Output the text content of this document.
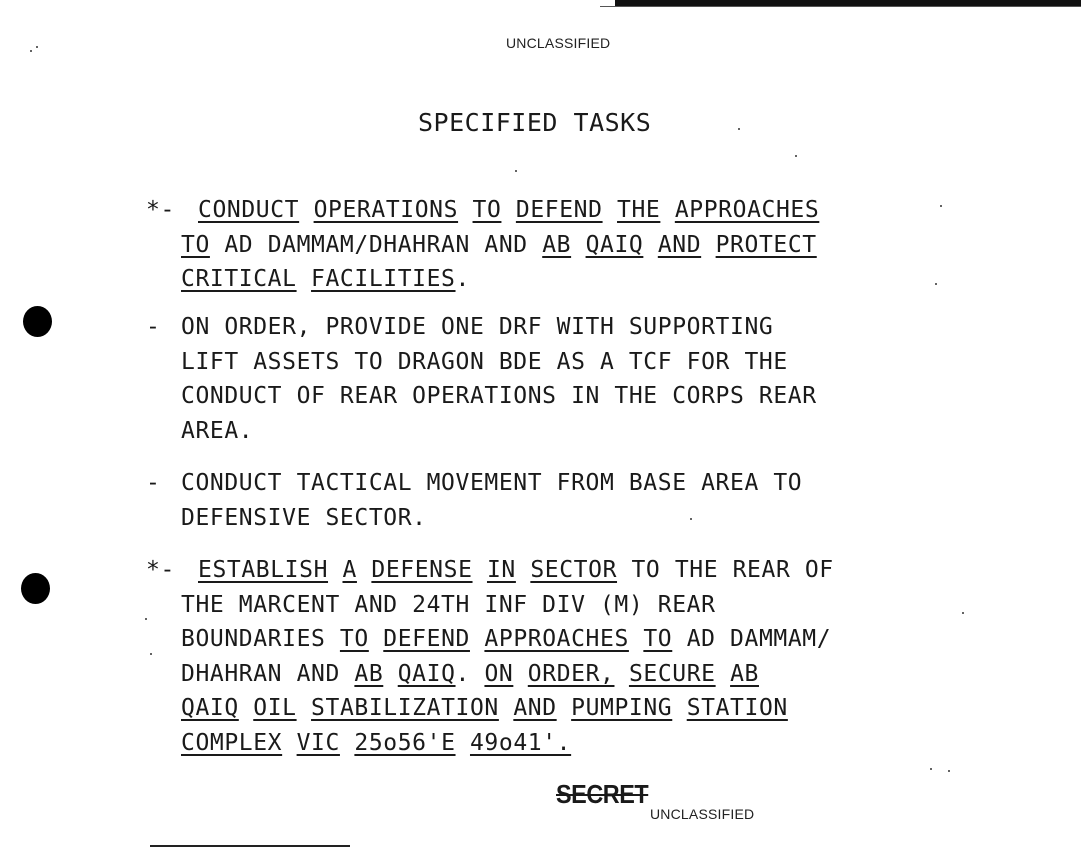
UNCLASSIFIED
SPECIFIED TASKS
*-	CONDUCT OPERATIONS TO DEFEND THE APPROACHES
TO AD DAMMAM/DHAHRAN AND AB QAIQ AND PROTECT
CRITICAL FACILITIES.
- ON ORDER, PROVIDE ONE DRF WITH SUPPORTING
LIFT ASSETS TO DRAGON BDE AS A TCF FOR THE
CONDUCT OF REAR OPERATIONS IN THE CORPS REAR
AREA.
- CONDUCT TACTICAL MOVEMENT FROM BASE AREA TO
DEFENSIVE SECTOR.
*-	ESTABLISH A DEFENSE IN SECTOR TO THE REAR OF
THE MARCENT AND 24TH INF DIV (M) REAR
BOUNDARIES TO DEFEND APPROACHES TO AD DAMMAM/
DHAHRAN AND AB QAIQ. ON ORDER, SECURE AB
QAIQ OIL STABILIZATION AND PUMPING STATION
COMPLEX VIC 25o56'E 49o41'.
SECRET
UNCLASSIFIED
